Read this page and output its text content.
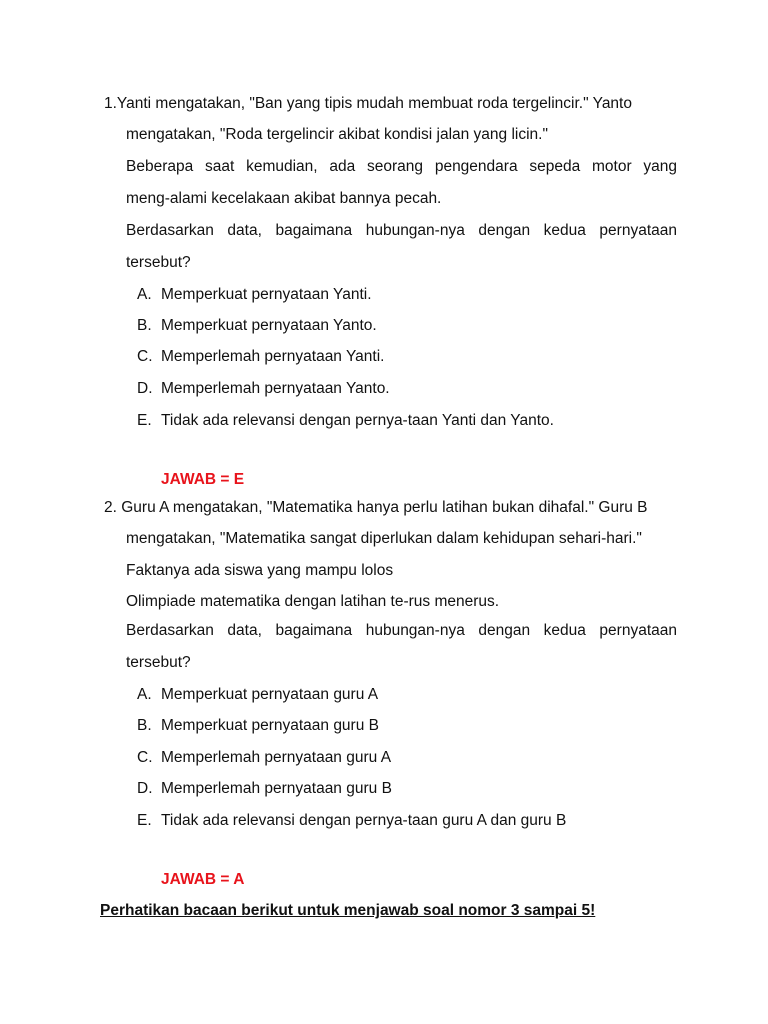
1.Yanti mengatakan, "Ban yang tipis mudah membuat roda tergelincir." Yanto
mengatakan, "Roda tergelincir akibat kondisi jalan yang licin."
Beberapa saat kemudian, ada seorang pengendara sepeda motor yang
meng-alami kecelakaan akibat bannya pecah.
Berdasarkan data, bagaimana hubungan-nya dengan kedua pernyataan
tersebut?
A. Memperkuat pernyataan Yanti.
B. Memperkuat pernyataan Yanto.
C. Memperlemah pernyataan Yanti.
D. Memperlemah pernyataan Yanto.
E. Tidak ada relevansi dengan pernya-taan Yanti dan Yanto.
JAWAB = E
2. Guru A mengatakan, "Matematika hanya perlu latihan bukan dihafal." Guru B
mengatakan, "Matematika sangat diperlukan dalam kehidupan sehari-hari."
Faktanya ada siswa yang mampu lolos
Olimpiade matematika dengan latihan te-rus menerus.
Berdasarkan data, bagaimana hubungan-nya dengan kedua pernyataan
tersebut?
A. Memperkuat pernyataan guru A
B. Memperkuat pernyataan guru B
C. Memperlemah pernyataan guru A
D. Memperlemah pernyataan guru B
E. Tidak ada relevansi dengan pernya-taan guru A dan guru B
JAWAB = A
Perhatikan bacaan berikut untuk menjawab soal nomor 3 sampai 5!
